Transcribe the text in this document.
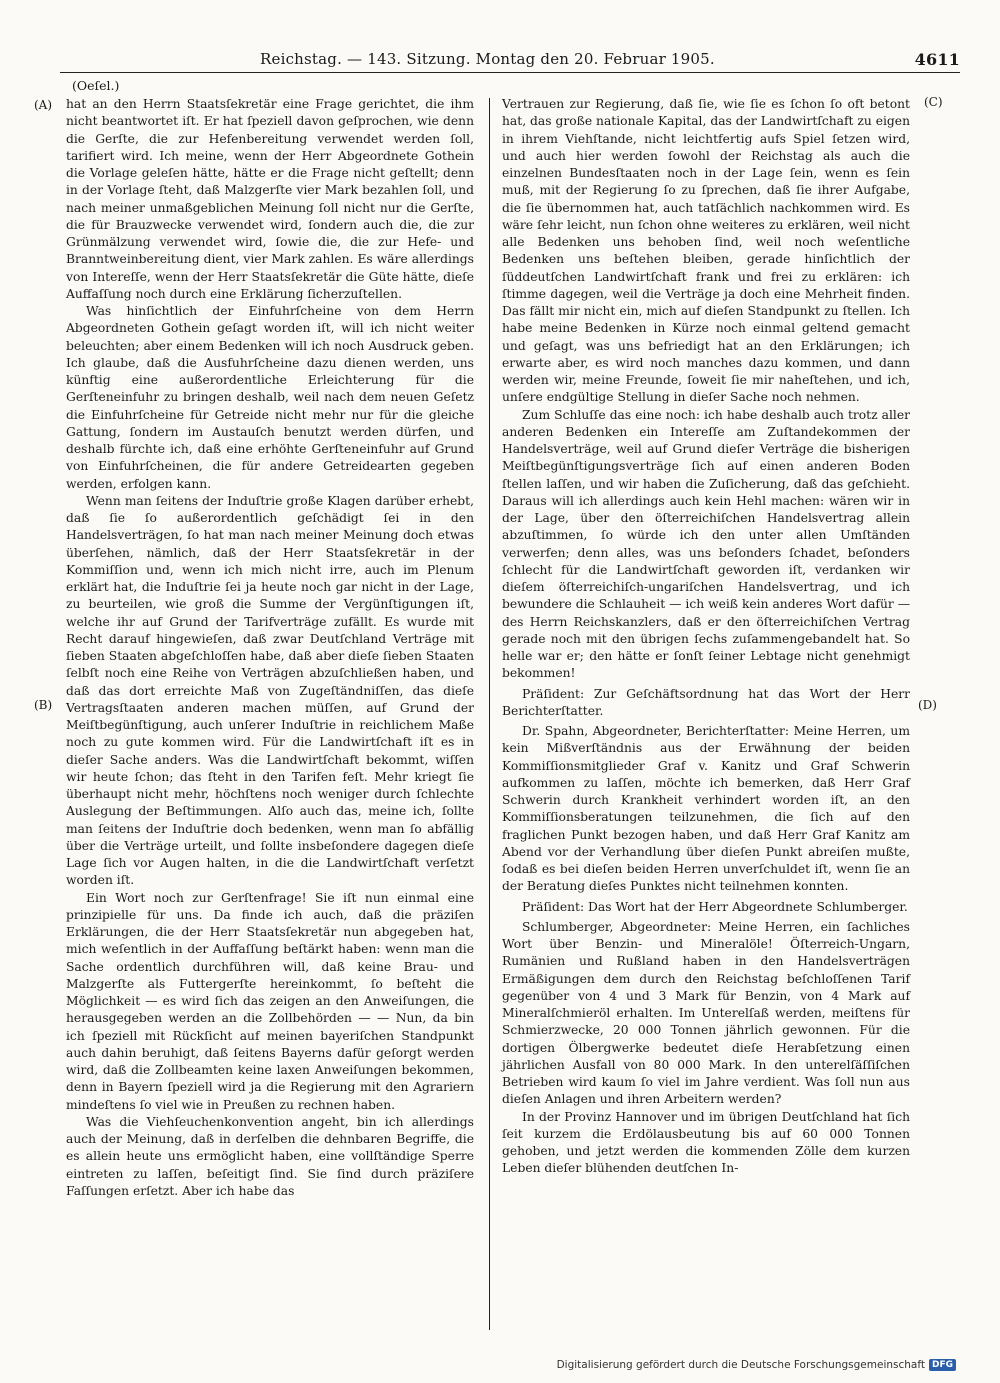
Reichstag. — 143. Sitzung. Montag den 20. Februar 1905.	4611
(Oeſel.)
(A)
(B)
(C)
(D)

hat an den Herrn Staatsſekretär eine Frage gerichtet, die ihm nicht beantwortet iſt. Er hat ſpeziell davon geſprochen, wie denn die Gerſte, die zur Hefenbereitung verwendet werden ſoll, tarifiert wird. Ich meine, wenn der Herr Abgeordnete Gothein die Vorlage geleſen hätte, hätte er die Frage nicht geſtellt; denn in der Vorlage ſteht, daß Malzgerſte vier Mark bezahlen ſoll, und nach meiner unmaßgeblichen Meinung ſoll nicht nur die Gerſte, die für Brauzwecke verwendet wird, ſondern auch die, die zur Grünmälzung verwendet wird, ſowie die, die zur Hefe- und Branntweinbereitung dient, vier Mark zahlen. Es wäre allerdings von Intereſſe, wenn der Herr Staatsſekretär die Güte hätte, dieſe Auffaſſung noch durch eine Erklärung ſicherzuſtellen.

Was hinſichtlich der Einfuhrſcheine von dem Herrn Abgeordneten Gothein geſagt worden iſt, will ich nicht weiter beleuchten; aber einem Bedenken will ich noch Ausdruck geben. Ich glaube, daß die Ausfuhrſcheine dazu dienen werden, uns künftig eine außerordentliche Erleichterung für die Gerſteneinfuhr zu bringen deshalb, weil nach dem neuen Geſetz die Einfuhrſcheine für Getreide nicht mehr nur für die gleiche Gattung, ſondern im Austauſch benutzt werden dürfen, und deshalb fürchte ich, daß eine erhöhte Gerſteneinfuhr auf Grund von Einfuhrſcheinen, die für andere Getreidearten gegeben werden, erfolgen kann.

Wenn man ſeitens der Induſtrie große Klagen darüber erhebt, daß ſie ſo außerordentlich geſchädigt ſei in den Handelsverträgen, ſo hat man nach meiner Meinung doch etwas überſehen, nämlich, daß der Herr Staatsſekretär in der Kommiſſion und, wenn ich mich nicht irre, auch im Plenum erklärt hat, die Induſtrie ſei ja heute noch gar nicht in der Lage, zu beurteilen, wie groß die Summe der Vergünſtigungen iſt, welche ihr auf Grund der Tarifverträge zufällt. Es wurde mit Recht darauf hingewieſen, daß zwar Deutſchland Verträge mit ſieben Staaten abgeſchloſſen habe, daß aber dieſe ſieben Staaten ſelbſt noch eine Reihe von Verträgen abzuſchließen haben, und daß das dort erreichte Maß von Zugeſtändniſſen, das dieſe Vertragsſtaaten anderen machen müſſen, auf Grund der Meiſtbegünſtigung, auch unſerer Induſtrie in reichlichem Maße noch zu gute kommen wird. Für die Landwirtſchaft iſt es in dieſer Sache anders. Was die Landwirtſchaft bekommt, wiſſen wir heute ſchon; das ſteht in den Tarifen feſt. Mehr kriegt ſie überhaupt nicht mehr, höchſtens noch weniger durch ſchlechte Auslegung der Beſtimmungen. Alſo auch das, meine ich, ſollte man ſeitens der Induſtrie doch bedenken, wenn man ſo abfällig über die Verträge urteilt, und ſollte insbeſondere dagegen dieſe Lage ſich vor Augen halten, in die die Landwirtſchaft verſetzt worden iſt.

Ein Wort noch zur Gerſtenfrage! Sie iſt nun einmal eine prinzipielle für uns. Da finde ich auch, daß die präziſen Erklärungen, die der Herr Staatsſekretär nun abgegeben hat, mich weſentlich in der Auffaſſung beſtärkt haben: wenn man die Sache ordentlich durchführen will, daß keine Brau- und Malzgerſte als Futtergerſte hereinkommt, ſo beſteht die Möglichkeit — es wird ſich das zeigen an den Anweiſungen, die herausgegeben werden an die Zollbehörden — — Nun, da bin ich ſpeziell mit Rückſicht auf meinen bayeriſchen Standpunkt auch dahin beruhigt, daß ſeitens Bayerns dafür geſorgt werden wird, daß die Zollbeamten keine laxen Anweiſungen bekommen, denn in Bayern ſpeziell wird ja die Regierung mit den Agrariern mindeſtens ſo viel wie in Preußen zu rechnen haben.

Was die Viehſeuchenkonvention angeht, bin ich allerdings auch der Meinung, daß in derſelben die dehnbaren Begriffe, die es allein heute uns ermöglicht haben, eine vollſtändige Sperre eintreten zu laſſen, beſeitigt ſind. Sie ſind durch präziſere Faſſungen erſetzt. Aber ich habe das

Vertrauen zur Regierung, daß ſie, wie ſie es ſchon ſo oft betont hat, das große nationale Kapital, das der Landwirtſchaft zu eigen in ihrem Viehſtande, nicht leichtfertig aufs Spiel ſetzen wird, und auch hier werden ſowohl der Reichstag als auch die einzelnen Bundesſtaaten noch in der Lage ſein, wenn es ſein muß, mit der Regierung ſo zu ſprechen, daß ſie ihrer Aufgabe, die ſie übernommen hat, auch tatſächlich nachkommen wird. Es wäre ſehr leicht, nun ſchon ohne weiteres zu erklären, weil nicht alle Bedenken uns behoben ſind, weil noch weſentliche Bedenken uns beſtehen bleiben, gerade hinſichtlich der ſüddeutſchen Landwirtſchaft frank und frei zu erklären: ich ſtimme dagegen, weil die Verträge ja doch eine Mehrheit finden. Das fällt mir nicht ein, mich auf dieſen Standpunkt zu ſtellen. Ich habe meine Bedenken in Kürze noch einmal geltend gemacht und geſagt, was uns befriedigt hat an den Erklärungen; ich erwarte aber, es wird noch manches dazu kommen, und dann werden wir, meine Freunde, ſoweit ſie mir naheſtehen, und ich, unſere endgültige Stellung in dieſer Sache noch nehmen.

Zum Schluſſe das eine noch: ich habe deshalb auch trotz aller anderen Bedenken ein Intereſſe am Zuſtandekommen der Handelsverträge, weil auf Grund dieſer Verträge die bisherigen Meiſtbegünſtigungsverträge ſich auf einen anderen Boden ſtellen laſſen, und wir haben die Zuſicherung, daß das geſchieht. Daraus will ich allerdings auch kein Hehl machen: wären wir in der Lage, über den öſterreichiſchen Handelsvertrag allein abzuſtimmen, ſo würde ich den unter allen Umſtänden verwerfen; denn alles, was uns beſonders ſchadet, beſonders ſchlecht für die Landwirtſchaft geworden iſt, verdanken wir dieſem öſterreichiſch-ungariſchen Handelsvertrag, und ich bewundere die Schlauheit — ich weiß kein anderes Wort dafür — des Herrn Reichskanzlers, daß er den öſterreichiſchen Vertrag gerade noch mit den übrigen ſechs zuſammengebandelt hat. So helle war er; den hätte er ſonſt ſeiner Lebtage nicht genehmigt bekommen!

Präſident: Zur Geſchäftsordnung hat das Wort der Herr Berichterſtatter.

Dr. Spahn, Abgeordneter, Berichterſtatter: Meine Herren, um kein Mißverſtändnis aus der Erwähnung der beiden Kommiſſionsmitglieder Graf v. Kanitz und Graf Schwerin aufkommen zu laſſen, möchte ich bemerken, daß Herr Graf Schwerin durch Krankheit verhindert worden iſt, an den Kommiſſionsberatungen teilzunehmen, die ſich auf den fraglichen Punkt bezogen haben, und daß Herr Graf Kanitz am Abend vor der Verhandlung über dieſen Punkt abreiſen mußte, ſodaß es bei dieſen beiden Herren unverſchuldet iſt, wenn ſie an der Beratung dieſes Punktes nicht teilnehmen konnten.

Präſident: Das Wort hat der Herr Abgeordnete Schlumberger.

Schlumberger, Abgeordneter: Meine Herren, ein ſachliches Wort über Benzin- und Mineralöle! Öſterreich-Ungarn, Rumänien und Rußland haben in den Handelsverträgen Ermäßigungen dem durch den Reichstag beſchloſſenen Tarif gegenüber von 4 und 3 Mark für Benzin, von 4 Mark auf Mineralſchmieröl erhalten. Im Unterelſaß werden, meiſtens für Schmierzwecke, 20 000 Tonnen jährlich gewonnen. Für die dortigen Ölbergwerke bedeutet dieſe Herabſetzung einen jährlichen Ausfall von 80 000 Mark. In den unterelſäſſiſchen Betrieben wird kaum ſo viel im Jahre verdient. Was ſoll nun aus dieſen Anlagen und ihren Arbeitern werden?

In der Provinz Hannover und im übrigen Deutſchland hat ſich ſeit kurzem die Erdölausbeutung bis auf 60 000 Tonnen gehoben, und jetzt werden die kommenden Zölle dem kurzen Leben dieſer blühenden deutſchen In-

Digitalisierung gefördert durch die Deutsche Forschungsgemeinschaft DFG
